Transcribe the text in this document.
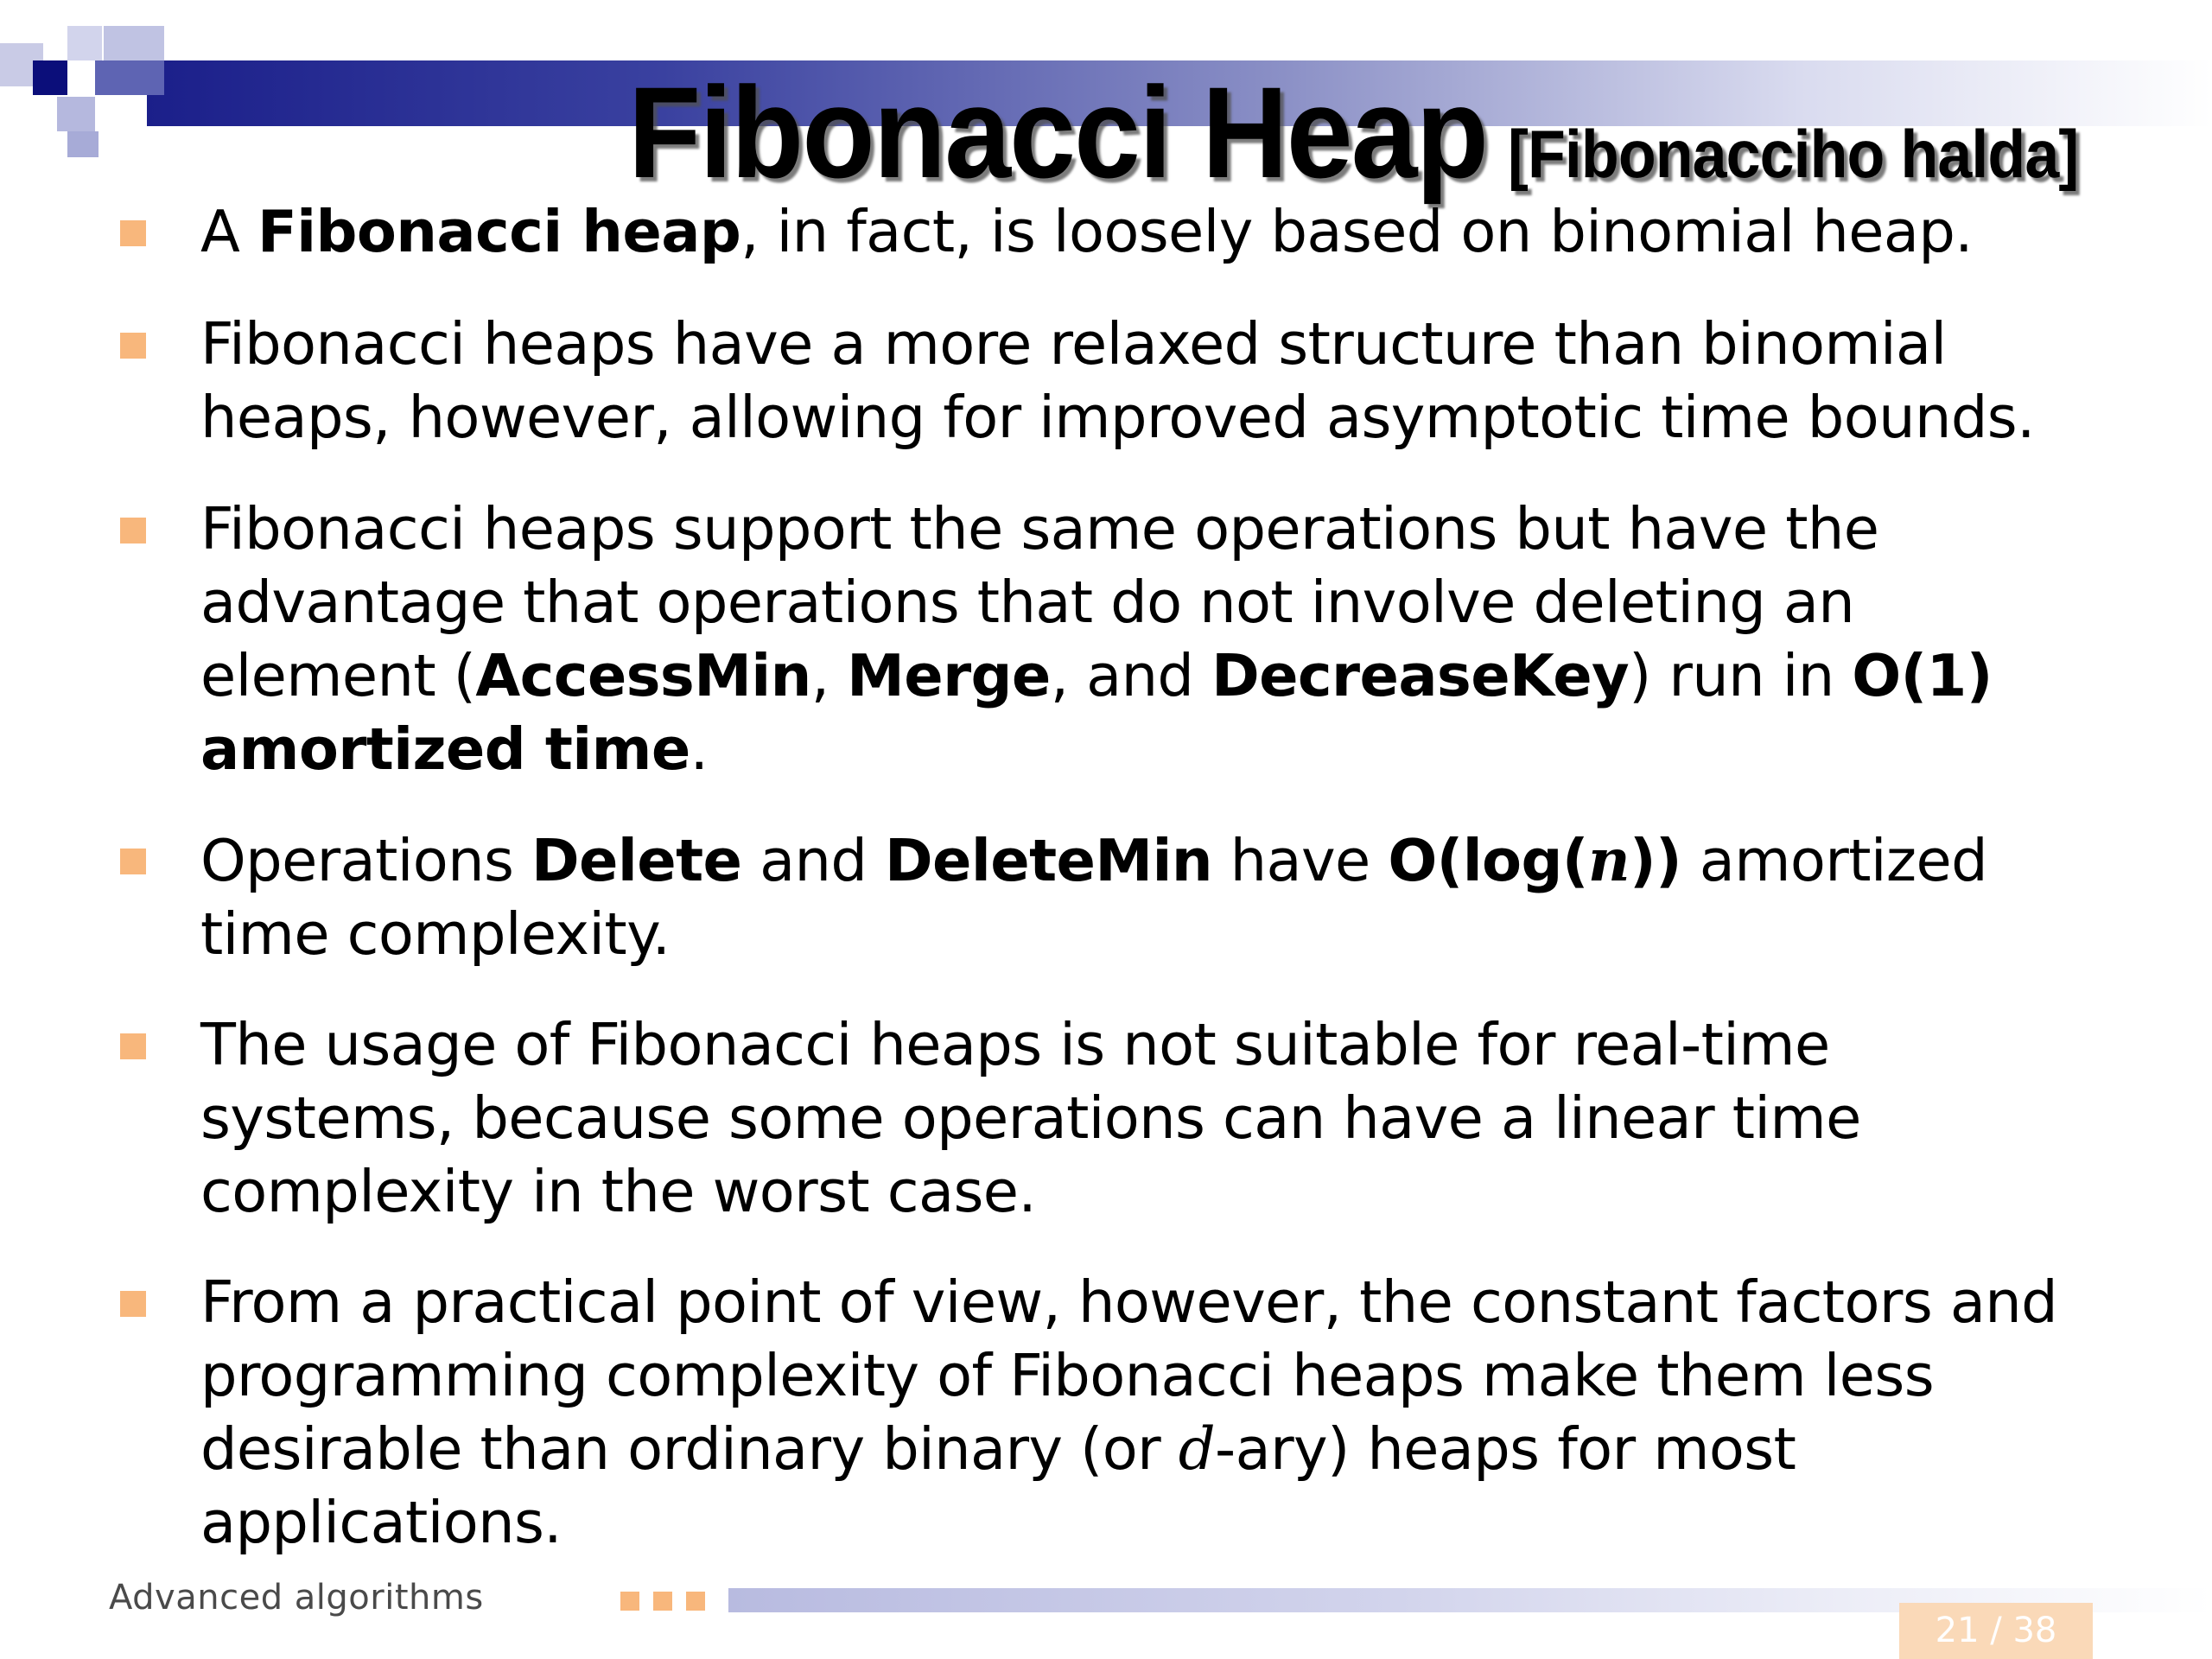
Fibonacci Heap [Fibonacciho halda]
A Fibonacci heap, in fact, is loosely based on binomial heap.
Fibonacci heaps have a more relaxed structure than binomial heaps, however, allowing for improved asymptotic time bounds.
Fibonacci heaps support the same operations but have the advantage that operations that do not involve deleting an element (AccessMin, Merge, and DecreaseKey) run in O(1) amortized time.
Operations Delete and DeleteMin have O(log(n)) amortized time complexity.
The usage of Fibonacci heaps is not suitable for real-time systems, because some operations can have a linear time complexity in the worst case.
From a practical point of view, however, the constant factors and programming complexity of Fibonacci heaps make them less desirable than ordinary binary (or d-ary) heaps for most applications.
Advanced algorithms
21 / 38
